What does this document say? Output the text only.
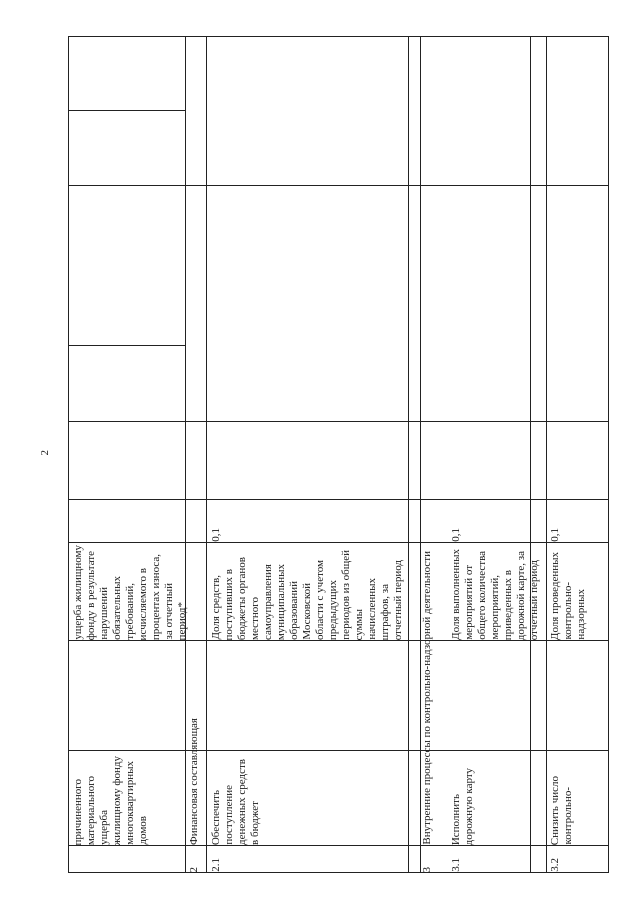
2
причиненного материального ущерба жилищному фонду многоквартирных домов
ущерба жилищному фонду в результате нарушений обязательных требований, исчисляемого в процентах износа, за отчетный период*
2
Финансовая составляющая
2.1
Обеспечить поступление денежных средств в бюджет
Доля средств, поступивших в бюджеты органов местного самоуправления муниципальных образований Московской области с учетом предыдущих периодов из общей суммы начисленных штрафов, за отчетный период
0,1
3
Внутренние процессы по контрольно-надзорной деятельности
3.1
Исполнить дорожную карту
Доля выполненных мероприятий от общего количества мероприятий, приведенных в дорожной карте, за отчетный период
0,1
3.2
Снизить число контрольно-
Доля проведенных контрольно-надзорных
0,1
